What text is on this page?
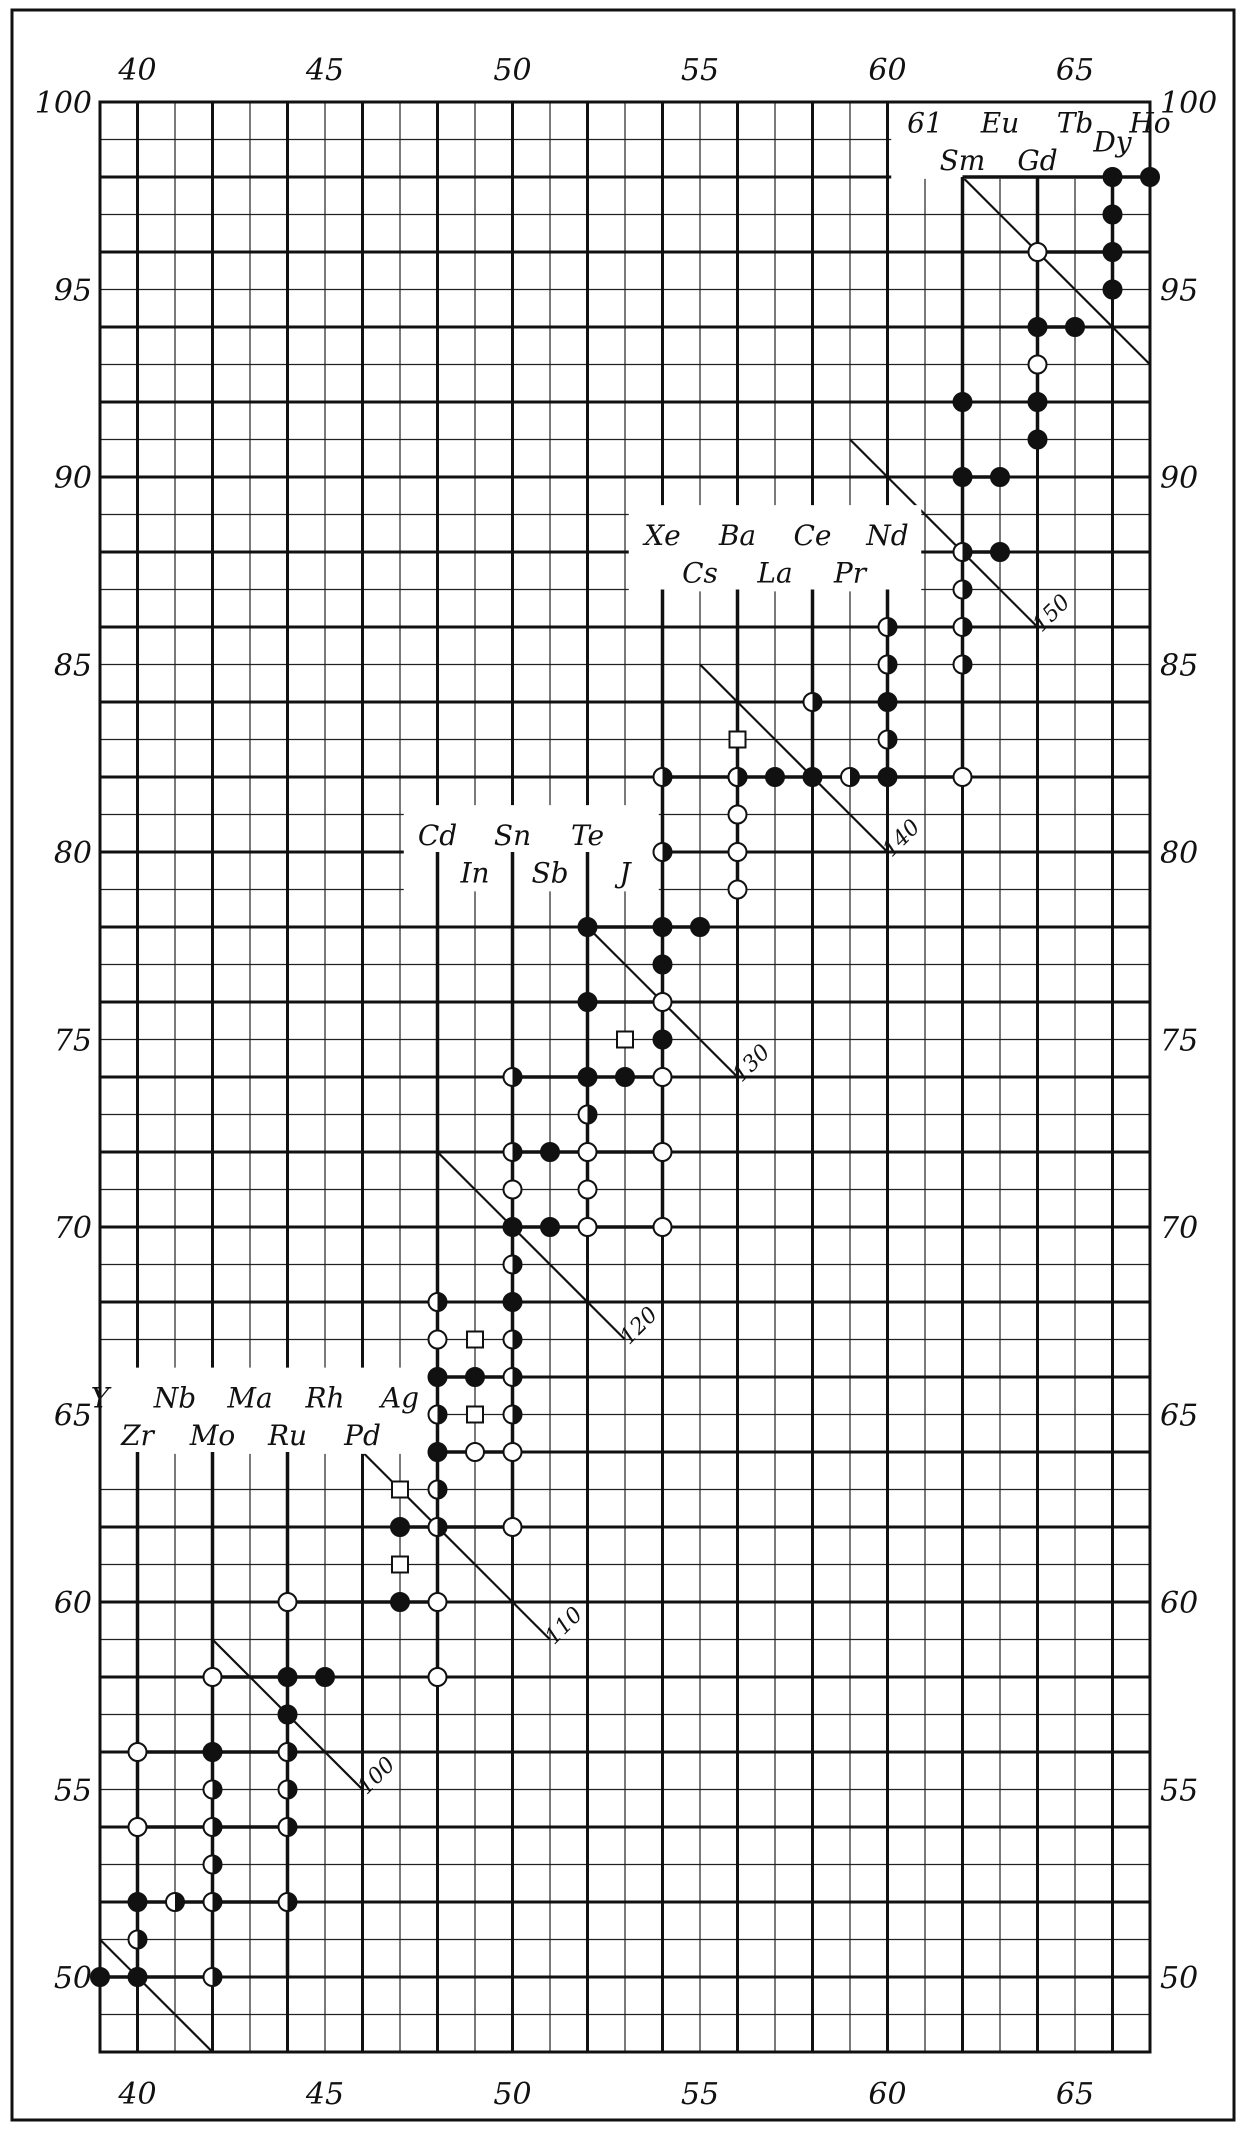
100
110
120
130
140
150
Y Nb Ma Rh Ag
Zr Mo Ru Pd
Cd Sn Te
In Sb J
Xe Ba Ce Nd
Cs La Pr
61 Eu Tb Ho
Sm Gd
Dy
40
40
45
45
50
50
55
55
60
60
65
65
50	50
55	55
60	60
65	65
70	70
75	75
80	80
85	85
90	90
95	95
100	100
